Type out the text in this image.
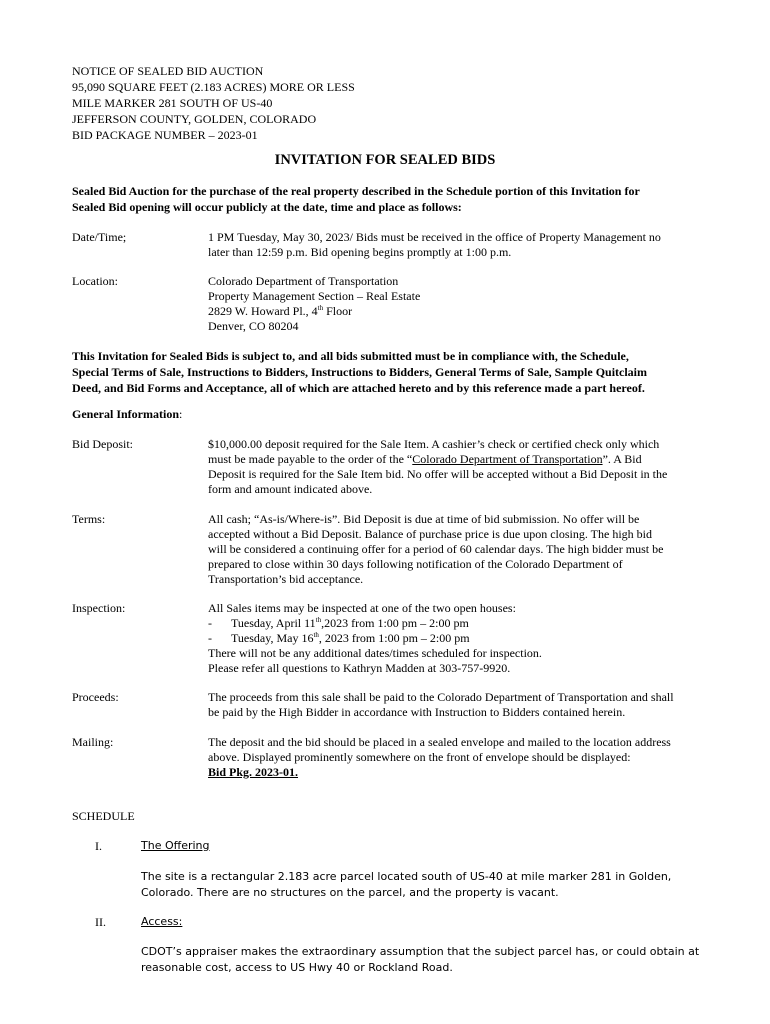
NOTICE OF SEALED BID AUCTION
95,090 SQUARE FEET (2.183 ACRES) MORE OR LESS
MILE MARKER 281 SOUTH OF US-40
JEFFERSON COUNTY, GOLDEN, COLORADO
BID PACKAGE NUMBER – 2023-01
INVITATION FOR SEALED BIDS
Sealed Bid Auction for the purchase of the real property described in the Schedule portion of this Invitation for
Sealed Bid opening will occur publicly at the date, time and place as follows:
Date/Time;	1 PM Tuesday, May 30, 2023/ Bids must be received in the office of Property Management no
later than 12:59 p.m. Bid opening begins promptly at 1:00 p.m.
Location:	Colorado Department of Transportation
Property Management Section – Real Estate
2829 W. Howard Pl., 4th Floor
Denver, CO 80204
This Invitation for Sealed Bids is subject to, and all bids submitted must be in compliance with, the Schedule,
Special Terms of Sale, Instructions to Bidders, Instructions to Bidders, General Terms of Sale, Sample Quitclaim
Deed, and Bid Forms and Acceptance, all of which are attached hereto and by this reference made a part hereof.
General Information:
Bid Deposit:	$10,000.00 deposit required for the Sale Item. A cashier’s check or certified check only which
must be made payable to the order of the “Colorado Department of Transportation”. A Bid
Deposit is required for the Sale Item bid. No offer will be accepted without a Bid Deposit in the
form and amount indicated above.
Terms:	All cash; “As-is/Where-is”. Bid Deposit is due at time of bid submission. No offer will be
accepted without a Bid Deposit. Balance of purchase price is due upon closing. The high bid
will be considered a continuing offer for a period of 60 calendar days. The high bidder must be
prepared to close within 30 days following notification of the Colorado Department of
Transportation’s bid acceptance.
Inspection:	All Sales items may be inspected at one of the two open houses:
- Tuesday, April 11th,2023 from 1:00 pm – 2:00 pm
- Tuesday, May 16th, 2023 from 1:00 pm – 2:00 pm
There will not be any additional dates/times scheduled for inspection.
Please refer all questions to Kathryn Madden at 303-757-9920.
Proceeds:	The proceeds from this sale shall be paid to the Colorado Department of Transportation and shall
be paid by the High Bidder in accordance with Instruction to Bidders contained herein.
Mailing:	The deposit and the bid should be placed in a sealed envelope and mailed to the location address
above. Displayed prominently somewhere on the front of envelope should be displayed:
Bid Pkg. 2023-01.
SCHEDULE
I.	The Offering
The site is a rectangular 2.183 acre parcel located south of US-40 at mile marker 281 in Golden,
Colorado. There are no structures on the parcel, and the property is vacant.
II.	Access:
CDOT’s appraiser makes the extraordinary assumption that the subject parcel has, or could obtain at
reasonable cost, access to US Hwy 40 or Rockland Road.
